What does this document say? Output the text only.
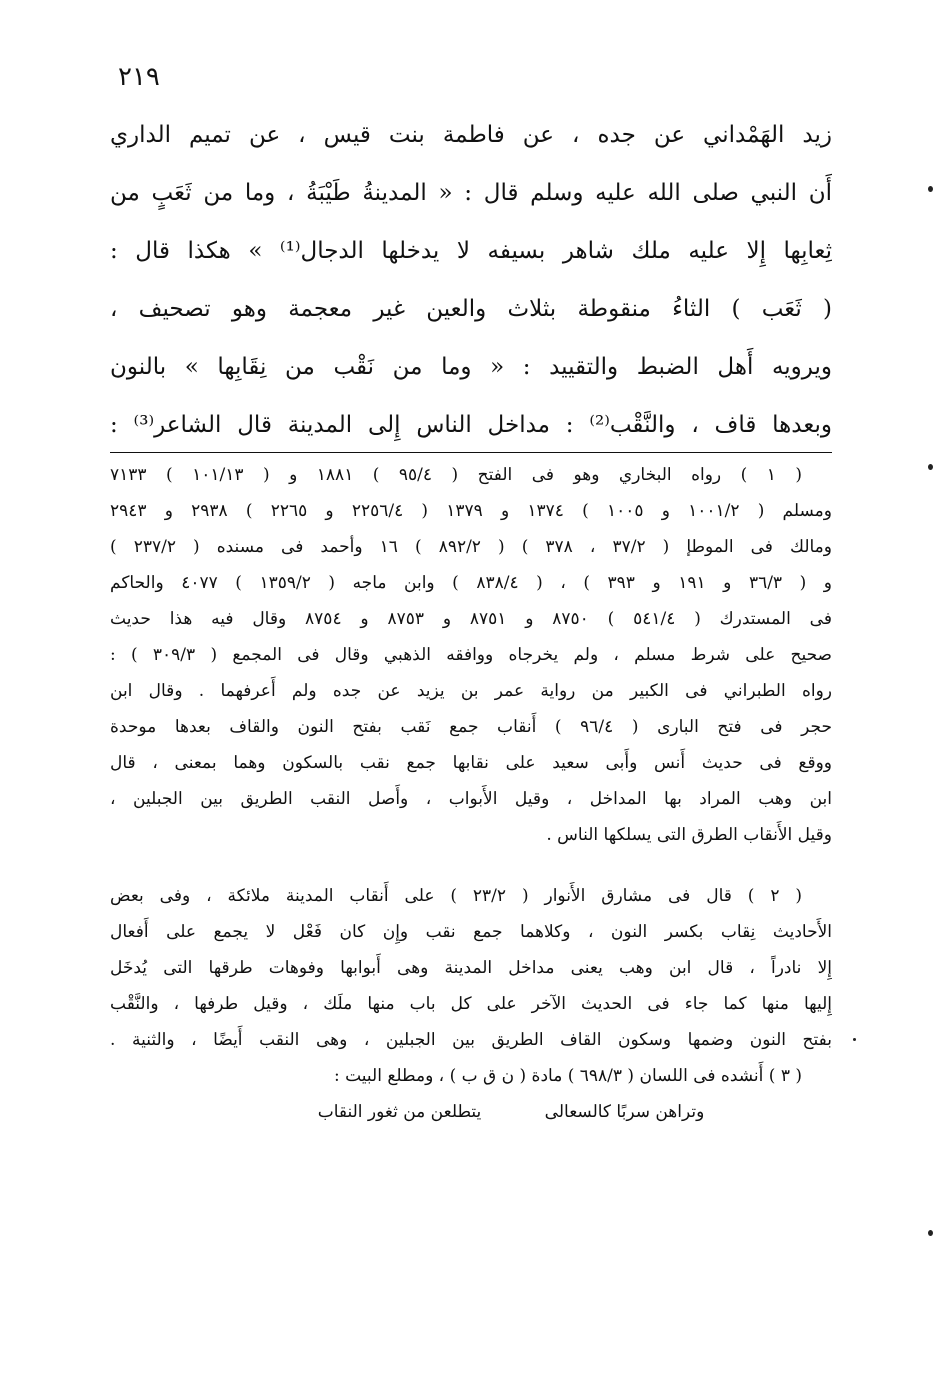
٢١٩
زيد الهَمْداني عن جده ، عن فاطمة بنت قيس ، عن تميم الداري
أَن النبي صلى الله عليه وسلم قال : « المدينةُ طَيْبَةُ ، وما من ثَعَبٍ من
ثِعابِها إِلا عليه ملك شاهر بسيفه لا يدخلها الدجال⁽¹⁾ » هكذا قال :
( ثَعَب ) الثاءُ منقوطة بثلاث والعين غير معجمة وهو تصحيف ،
ويرويه أَهل الضبط والتقييد : « وما من نَقْب من نِقَابِها » بالنون
وبعدها قاف ، والنَّقْب⁽²⁾ : مداخل الناس إِلى المدينة قال الشاعر⁽³⁾ :
( ١ ) رواه البخاري وهو فى الفتح ( ٩٥/٤ ) ١٨٨١ و ( ١٠١/١٣ ) ٧١٣٣
ومسلم ( ١٠٠١/٢ و ١٠٠٥ ) ١٣٧٤ و ١٣٧٩ ( ٢٢٥٦/٤ و ٢٢٦٥ ) ٢٩٣٨ و ٢٩٤٣
ومالك فى الموطإ ( ٣٧/٢ ، ٣٧٨ ) ( ٨٩٢/٢ ) ١٦ وأحمد فى مسنده ( ٢٣٧/٢ )
و ( ٣٦/٣ و ١٩١ و ٣٩٣ ) ، ( ٨٣٨/٤ ) وابن ماجه ( ١٣٥٩/٢ ) ٤٠٧٧ والحاكم
فى المستدرك ( ٥٤١/٤ ) ٨٧٥٠ و ٨٧٥١ و ٨٧٥٣ و ٨٧٥٤ وقال فيه هذا حديث
صحيح على شرط مسلم ، ولم يخرجاه ووافقه الذهبي وقال فى المجمع ( ٣٠٩/٣ ) :
رواه الطبراني فى الكبير من رواية عمر بن يزيد عن جده ولم أَعرفهما . وقال ابن
حجر فى فتح البارى ( ٩٦/٤ ) أَنقاب جمع نَقب بفتح النون والقاف بعدها موحدة
ووقع فى حديث أَنس وأَبى سعيد على نقابها جمع نقب بالسكون وهما بمعنى ، قال
ابن وهب المراد بها المداخل ، وقيل الأَبواب ، وأَصل النقب الطريق بين الجبلين ،
وقيل الأَنقاب الطرق التى يسلكها الناس .
( ٢ ) قال فى مشارق الأَنوار ( ٢٣/٢ ) على أَنقاب المدينة ملائكة ، وفى بعض
الأَحاديث نِقاب بكسر النون ، وكلاهما جمع نقب وإِن كان فَعْل لا يجمع على أَفعال
إِلا نادراً ، قال ابن وهب يعنى مداخل المدينة وهى أَبوابها وفوهات طرقها التى يُدخَل
إِليها منها كما جاء فى الحديث الآخر على كل باب منها ملَك ، وقيل طرفها ، والنَّقْب
بفتح النون وضمها وسكون القاف الطريق بين الجبلين ، وهى النقب أَيضًا ، والثنية .
( ٣ ) أَنشده فى اللسان ( ٦٩٨/٣ ) مادة ( ن ق ب ) ، ومطلع البيت :
وتراهن سربًا كالسعالى يتطلعن من ثغور النقاب
